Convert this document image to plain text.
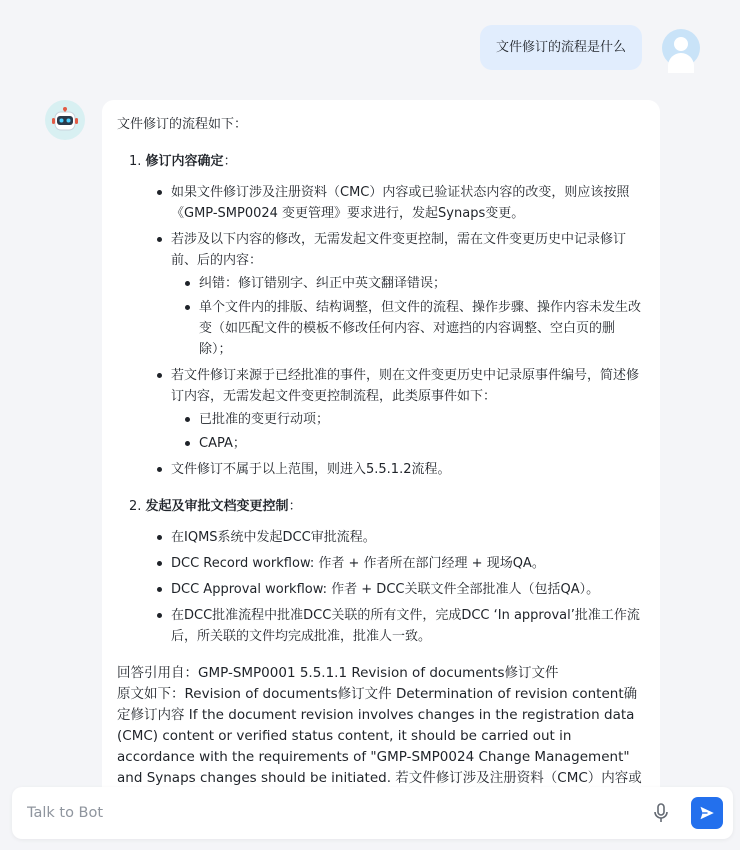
文件修订的流程是什么
文件修订的流程如下：
1. 修订内容确定：
如果文件修订涉及注册资料（CMC）内容或已验证状态内容的改变，则应该按照《GMP-SMP0024 变更管理》要求进行，发起Synaps变更。
若涉及以下内容的修改，无需发起文件变更控制，需在文件变更历史中记录修订前、后的内容：
纠错：修订错别字、纠正中英文翻译错误；
单个文件内的排版、结构调整，但文件的流程、操作步骤、操作内容未发生改变（如匹配文件的模板不修改任何内容、对遮挡的内容调整、空白页的删除）；
若文件修订来源于已经批准的事件，则在文件变更历史中记录原事件编号，简述修订内容，无需发起文件变更控制流程，此类原事件如下：
已批准的变更行动项；
CAPA；
文件修订不属于以上范围，则进入5.5.1.2流程。
2. 发起及审批文档变更控制：
在IQMS系统中发起DCC审批流程。
DCC Record workflow: 作者 + 作者所在部门经理 + 现场QA。
DCC Approval workflow: 作者 + DCC关联文件全部批准人（包括QA）。
在DCC批准流程中批准DCC关联的所有文件，完成DCC ‘In approval’批准工作流后，所关联的文件均完成批准，批准人一致。
回答引用自：GMP-SMP0001 5.5.1.1 Revision of documents修订文件
原文如下：Revision of documents修订文件 Determination of revision content确定修订内容 If the document revision involves changes in the registration data (CMC) content or verified status content, it should be carried out in accordance with the requirements of "GMP-SMP0024 Change Management" and Synaps changes should be initiated. 若文件修订涉及注册资料（CMC）内容或
Talk to Bot
